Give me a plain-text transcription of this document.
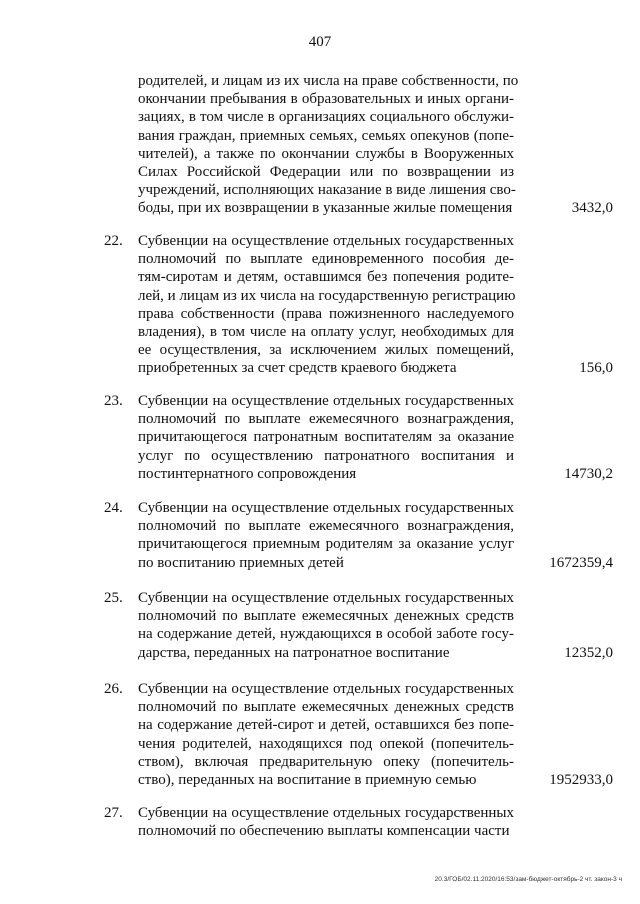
407
родителей, и лицам из их числа на праве собственности, по
окончании пребывания в образовательных и иных органи-
зациях, в том числе в организациях социального обслужи-
вания граждан, приемных семьях, семьях опекунов (попе-
чителей), а также по окончании службы в Вооруженных
Силах Российской Федерации или по возвращении из
учреждений, исполняющих наказание в виде лишения сво-
боды, при их возвращении в указанные жилые помещения	3432,0
22. Субвенции на осуществление отдельных государственных
полномочий по выплате единовременного пособия де-
тям-сиротам и детям, оставшимся без попечения родите-
лей, и лицам из их числа на государственную регистрацию
права собственности (права пожизненного наследуемого
владения), в том числе на оплату услуг, необходимых для
ее осуществления, за исключением жилых помещений,
приобретенных за счет средств краевого бюджета	156,0
23. Субвенции на осуществление отдельных государственных
полномочий по выплате ежемесячного вознаграждения,
причитающегося патронатным воспитателям за оказание
услуг по осуществлению патронатного воспитания и
постинтернатного сопровождения	14730,2
24. Субвенции на осуществление отдельных государственных
полномочий по выплате ежемесячного вознаграждения,
причитающегося приемным родителям за оказание услуг
по воспитанию приемных детей	1672359,4
25. Субвенции на осуществление отдельных государственных
полномочий по выплате ежемесячных денежных средств
на содержание детей, нуждающихся в особой заботе госу-
дарства, переданных на патронатное воспитание	12352,0
26. Субвенции на осуществление отдельных государственных
полномочий по выплате ежемесячных денежных средств
на содержание детей-сирот и детей, оставшихся без попе-
чения родителей, находящихся под опекой (попечитель-
ством), включая предварительную опеку (попечитель-
ство), переданных на воспитание в приемную семью	1952933,0
27. Субвенции на осуществление отдельных государственных
полномочий по обеспечению выплаты компенсации части
20.3/ГОБ/02.11.2020/16:53/зам-бюджет-октябрь-2 чт. закон-3 ч
